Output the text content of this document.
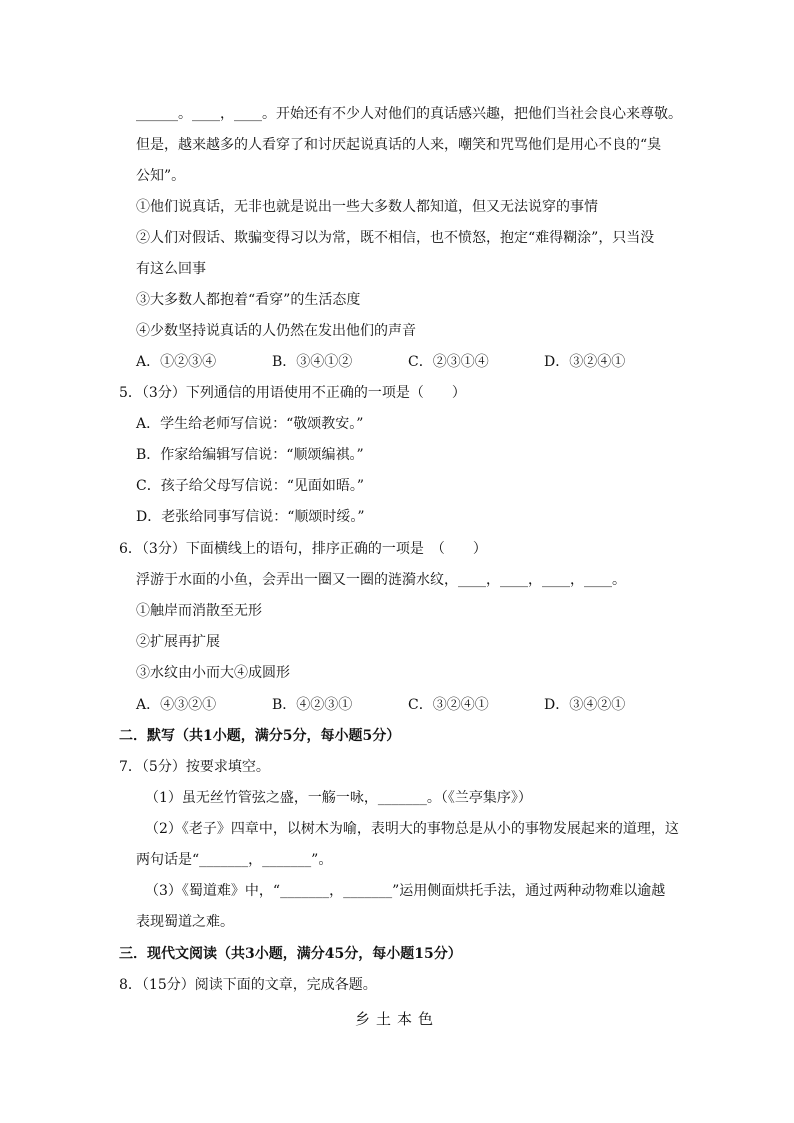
______。____，____。开始还有不少人对他们的真话感兴趣，把他们当社会良心来尊敬。
但是，越来越多的人看穿了和讨厌起说真话的人来，嘲笑和咒骂他们是用心不良的“臭
公知”。
①他们说真话，无非也就是说出一些大多数人都知道，但又无法说穿的事情
②人们对假话、欺骗变得习以为常，既不相信，也不愤怒，抱定“难得糊涂”，只当没
有这么回事
③大多数人都抱着“看穿”的生活态度
④少数坚持说真话的人仍然在发出他们的声音
A．①②③④	B．③④①②	C．②③①④	D．③②④①
5．（3分）下列通信的用语使用不正确的一项是（　　）
A．学生给老师写信说：“敬颂教安。”
B．作家给编辑写信说：“顺颂编祺。”
C．孩子给父母写信说：“见面如晤。”
D．老张给同事写信说：“顺颂时绥。”
6．（3分）下面横线上的语句，排序正确的一项是　（　　）
浮游于水面的小鱼，会弄出一圈又一圈的涟漪水纹，____，____，____，____。
①触岸而消散至无形
②扩展再扩展
③水纹由小而大④成圆形
A．④③②①	B．④②③①	C．③②④①	D．③④②①
二．默写（共1小题，满分5分，每小题5分）
7．（5分）按要求填空。
（1）虽无丝竹管弦之盛，一觞一咏，_______。（《兰亭集序》）
（2）《老子》四章中，以树木为喻，表明大的事物总是从小的事物发展起来的道理，这
两句话是“_______，_______”。
（3）《蜀道难》中，“_______，_______”运用侧面烘托手法，通过两种动物难以逾越
表现蜀道之难。
三．现代文阅读（共3小题，满分45分，每小题15分）
8．（15分）阅读下面的文章，完成各题。
乡土本色
